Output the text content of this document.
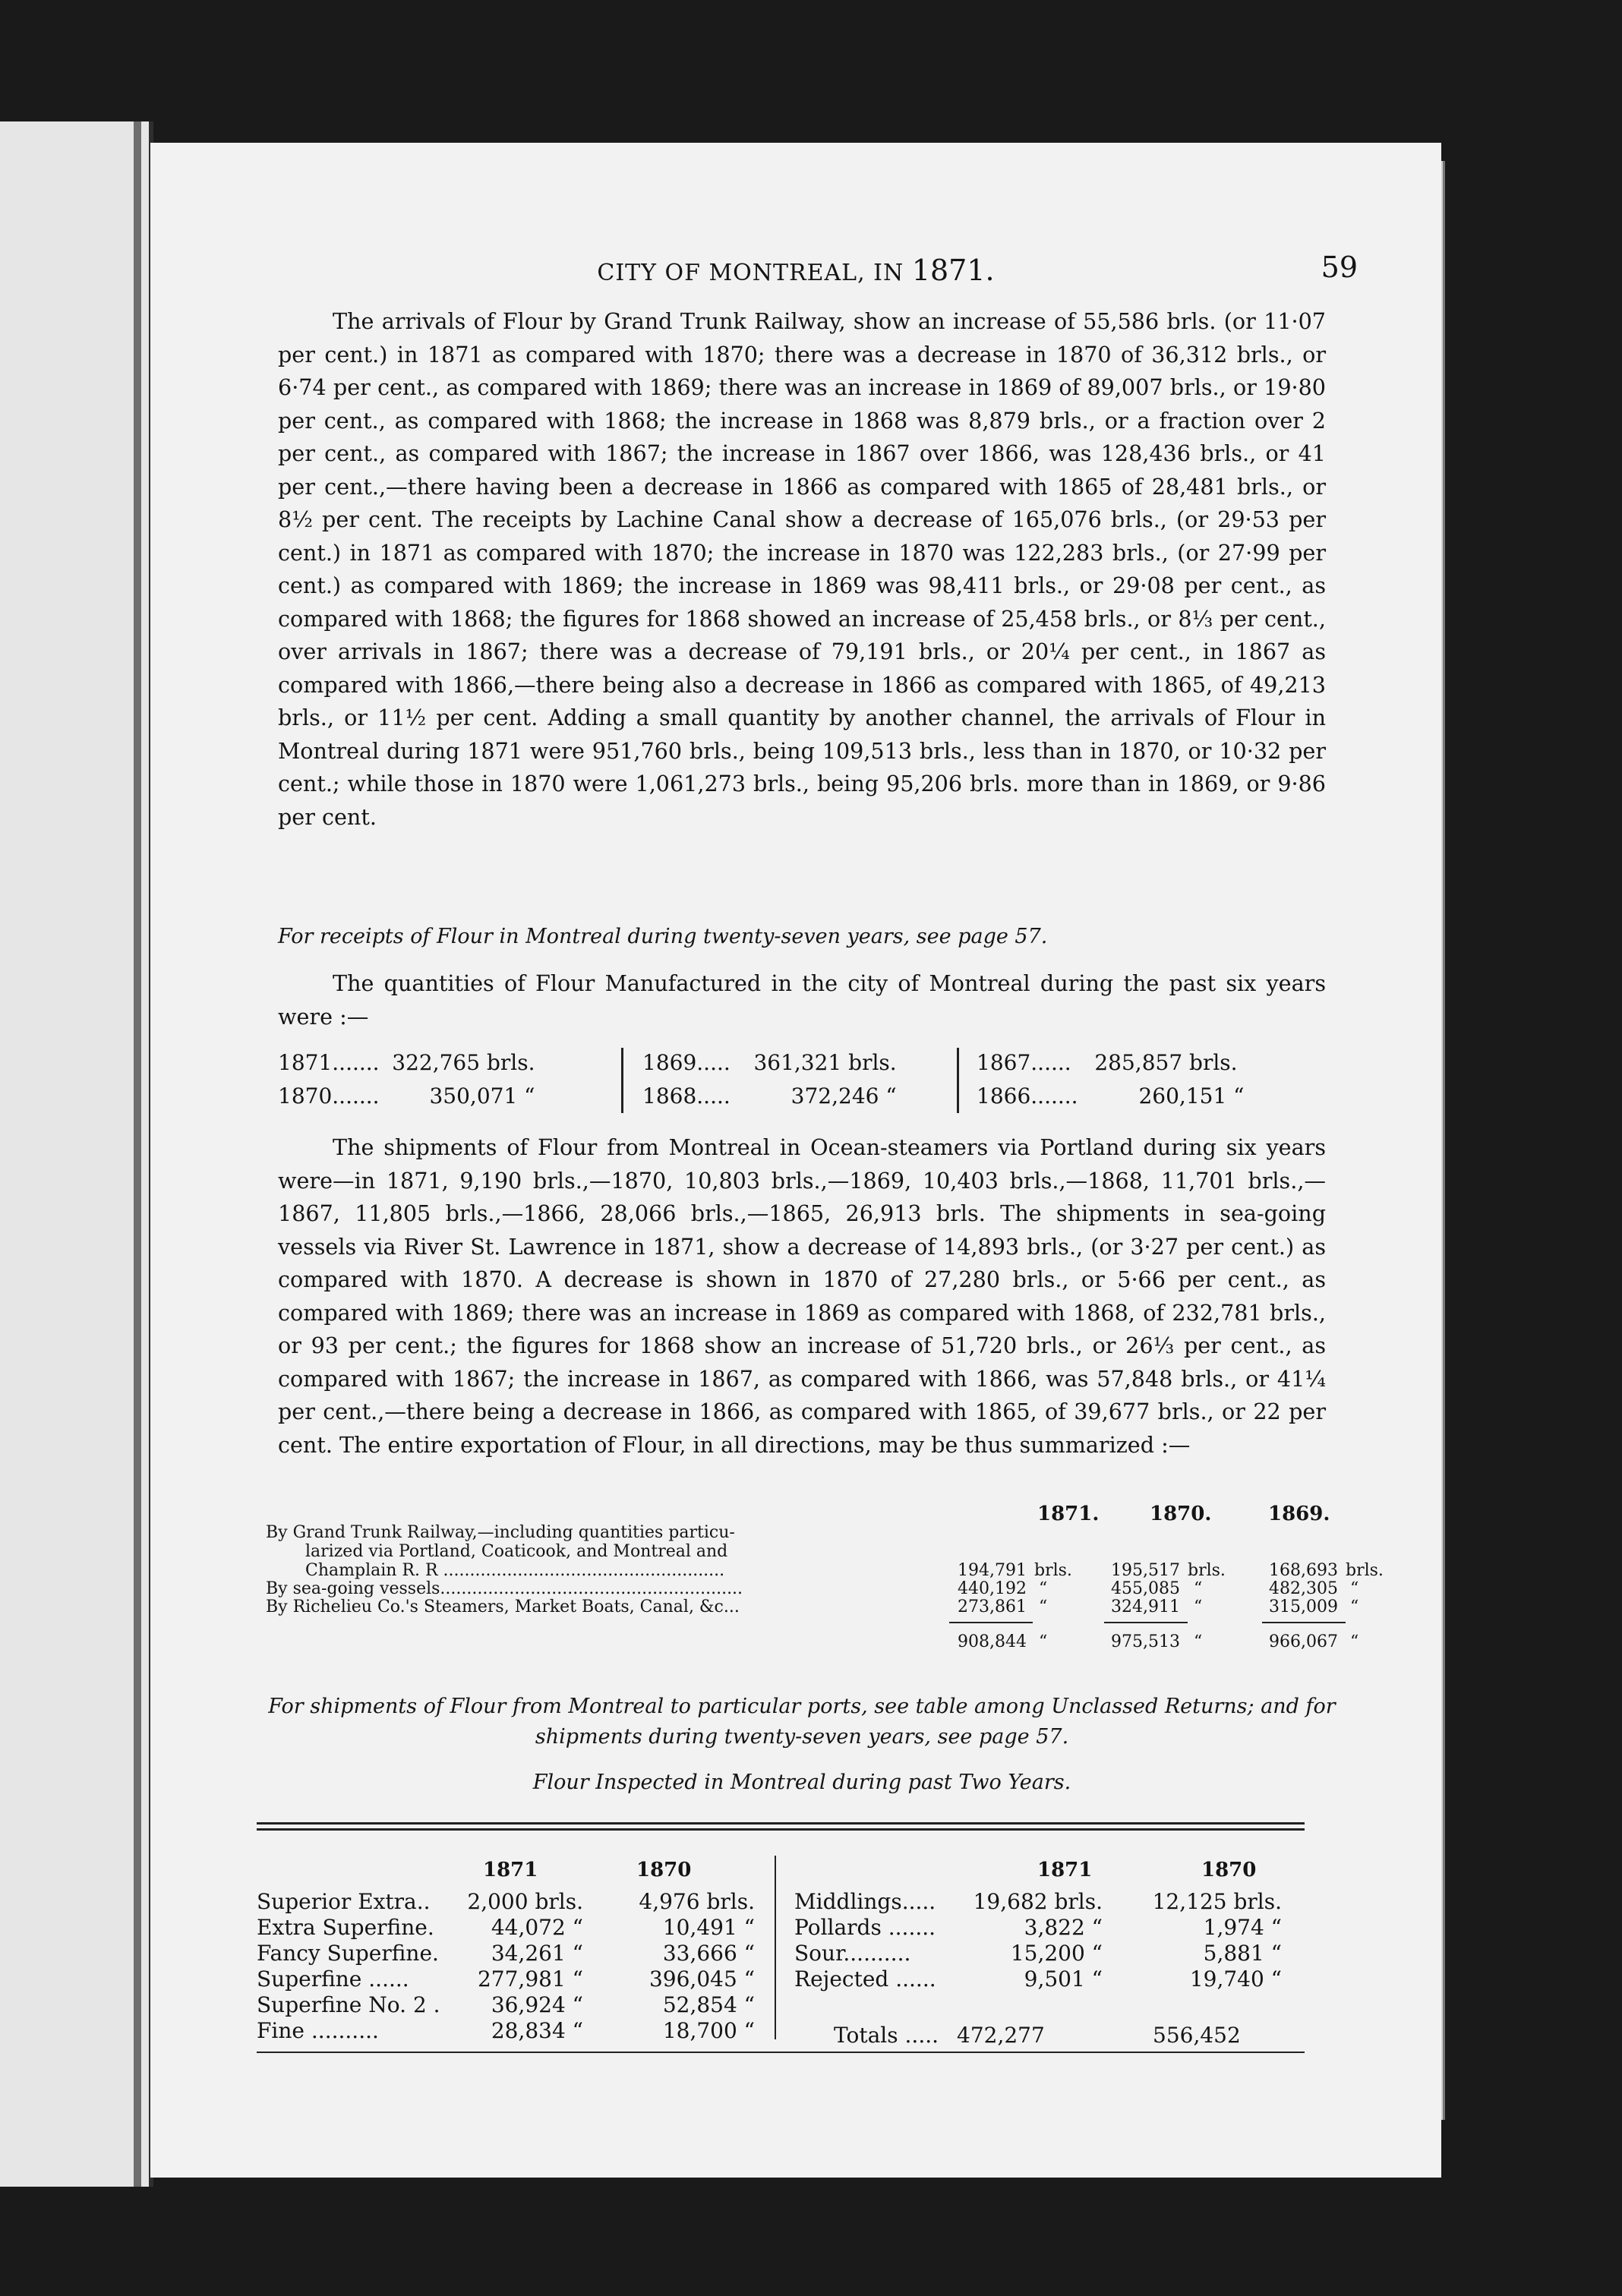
CITY OF MONTREAL, IN 1871.	59

The arrivals of Flour by Grand Trunk Railway, show an increase of 55,586 brls. (or 11·07 per cent.) in 1871 as compared with 1870; there was a decrease in 1870 of 36,312 brls., or 6·74 per cent., as compared with 1869; there was an increase in 1869 of 89,007 brls., or 19·80 per cent., as compared with 1868; the increase in 1868 was 8,879 brls., or a fraction over 2 per cent., as compared with 1867; the increase in 1867 over 1866, was 128,436 brls., or 41 per cent.,—there having been a decrease in 1866 as compared with 1865 of 28,481 brls., or 8½ per cent. The receipts by Lachine Canal show a decrease of 165,076 brls., (or 29·53 per cent.) in 1871 as compared with 1870; the increase in 1870 was 122,283 brls., (or 27·99 per cent.) as compared with 1869; the increase in 1869 was 98,411 brls., or 29·08 per cent., as compared with 1868; the figures for 1868 showed an increase of 25,458 brls., or 8⅓ per cent., over arrivals in 1867; there was a decrease of 79,191 brls., or 20¼ per cent., in 1867 as compared with 1866,—there being also a decrease in 1866 as compared with 1865, of 49,213 brls., or 11½ per cent. Adding a small quantity by another channel, the arrivals of Flour in Montreal during 1871 were 951,760 brls., being 109,513 brls., less than in 1870, or 10·32 per cent.; while those in 1870 were 1,061,273 brls., being 95,206 brls. more than in 1869, or 9·86 per cent.

For receipts of Flour in Montreal during twenty-seven years, see page 57.

The quantities of Flour Manufactured in the city of Montreal during the past six years were :—

1871....... 322,765 brls.
1870....... 350,071 “
1869..... 361,321 brls.
1868.....	372,246 “
1867...... 285,857 brls.
1866.......	260,151 “

The shipments of Flour from Montreal in Ocean-steamers via Portland during six years were—in 1871, 9,190 brls.,—1870, 10,803 brls.,—1869, 10,403 brls.,—1868, 11,701 brls.,—1867, 11,805 brls.,—1866, 28,066 brls.,—1865, 26,913 brls. The shipments in sea-going vessels via River St. Lawrence in 1871, show a decrease of 14,893 brls., (or 3·27 per cent.) as compared with 1870. A decrease is shown in 1870 of 27,280 brls., or 5·66 per cent., as compared with 1869; there was an increase in 1869 as compared with 1868, of 232,781 brls., or 93 per cent.; the figures for 1868 show an increase of 51,720 brls., or 26⅓ per cent., as compared with 1867; the increase in 1867, as compared with 1866, was 57,848 brls., or 41¼ per cent.,—there being a decrease in 1866, as compared with 1865, of 39,677 brls., or 22 per cent. The entire exportation of Flour, in all directions, may be thus summarized :—

1871.	1870.	1869.
By Grand Trunk Railway,—including quantities particu-
larized via Portland, Coaticook, and Montreal and
Champlain R. R .....................................................	194,791 brls.	195,517 brls.	168,693 brls.
By sea-going vessels.........................................................	440,192 “	455,085 “	482,305 “
By Richelieu Co.'s Steamers, Market Boats, Canal, &c...	273,861 “	324,911 “	315,009 “
908,844 “	975,513 “	966,067 “
For shipments of Flour from Montreal to particular ports, see table among Unclassed Returns; and for shipments during twenty-seven years, see page 57.
Flour Inspected in Montreal during past Two Years.
1871	1870	1871	1870
Superior Extra..	2,000 brls.	4,976 brls.
Extra Superfine.	44,072 “	10,491 “
Fancy Superfine.	34,261 “	33,666 “
Superfine ......	277,981 “	396,045 “
Superfine No. 2 .	36,924 “	52,854 “
Fine ..........	28,834 “	18,700 “
Middlings.....	19,682 brls.	12,125 brls.
Pollards .......	3,822 “	1,974 “
Sour..........	15,200 “	5,881 “
Rejected ......	9,501 “	19,740 “
Totals ..... 472,277	556,452
